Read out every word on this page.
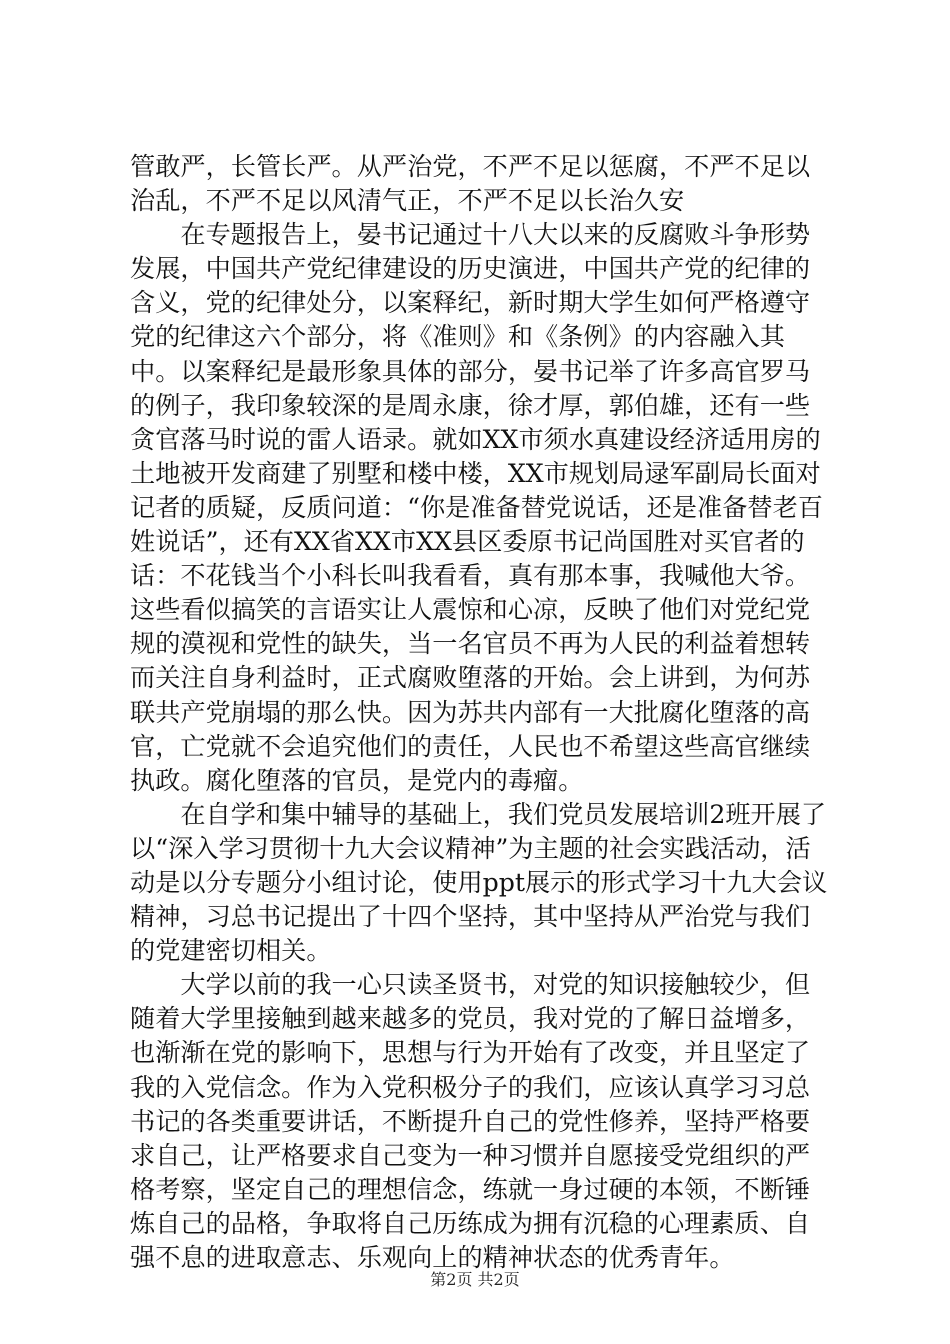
管敢严，长管长严。从严治党，不严不足以惩腐，不严不足以治乱，不严不足以风清气正，不严不足以长治久安

在专题报告上，晏书记通过十八大以来的反腐败斗争形势发展，中国共产党纪律建设的历史演进，中国共产党的纪律的含义，党的纪律处分，以案释纪，新时期大学生如何严格遵守党的纪律这六个部分，将《准则》和《条例》的内容融入其中。以案释纪是最形象具体的部分，晏书记举了许多高官罗马的例子，我印象较深的是周永康，徐才厚，郭伯雄，还有一些贪官落马时说的雷人语录。就如XX市须水真建设经济适用房的土地被开发商建了别墅和楼中楼，XX市规划局逯军副局长面对记者的质疑，反质问道：“你是准备替党说话，还是准备替老百姓说话”，还有XX省XX市XX县区委原书记尚国胜对买官者的话：不花钱当个小科长叫我看看，真有那本事，我喊他大爷。这些看似搞笑的言语实让人震惊和心凉，反映了他们对党纪党规的漠视和党性的缺失，当一名官员不再为人民的利益着想转而关注自身利益时，正式腐败堕落的开始。会上讲到，为何苏联共产党崩塌的那么快。因为苏共内部有一大批腐化堕落的高官，亡党就不会追究他们的责任，人民也不希望这些高官继续执政。腐化堕落的官员，是党内的毒瘤。

在自学和集中辅导的基础上，我们党员发展培训2班开展了以“深入学习贯彻十九大会议精神”为主题的社会实践活动，活动是以分专题分小组讨论，使用ppt展示的形式学习十九大会议精神，习总书记提出了十四个坚持，其中坚持从严治党与我们的党建密切相关。

大学以前的我一心只读圣贤书，对党的知识接触较少，但随着大学里接触到越来越多的党员，我对党的了解日益增多，也渐渐在党的影响下，思想与行为开始有了改变，并且坚定了我的入党信念。作为入党积极分子的我们，应该认真学习习总书记的各类重要讲话，不断提升自己的党性修养，坚持严格要求自己，让严格要求自己变为一种习惯并自愿接受党组织的严格考察，坚定自己的理想信念，练就一身过硬的本领，不断锤炼自己的品格，争取将自己历练成为拥有沉稳的心理素质、自强不息的进取意志、乐观向上的精神状态的优秀青年。

第2页 共2页
